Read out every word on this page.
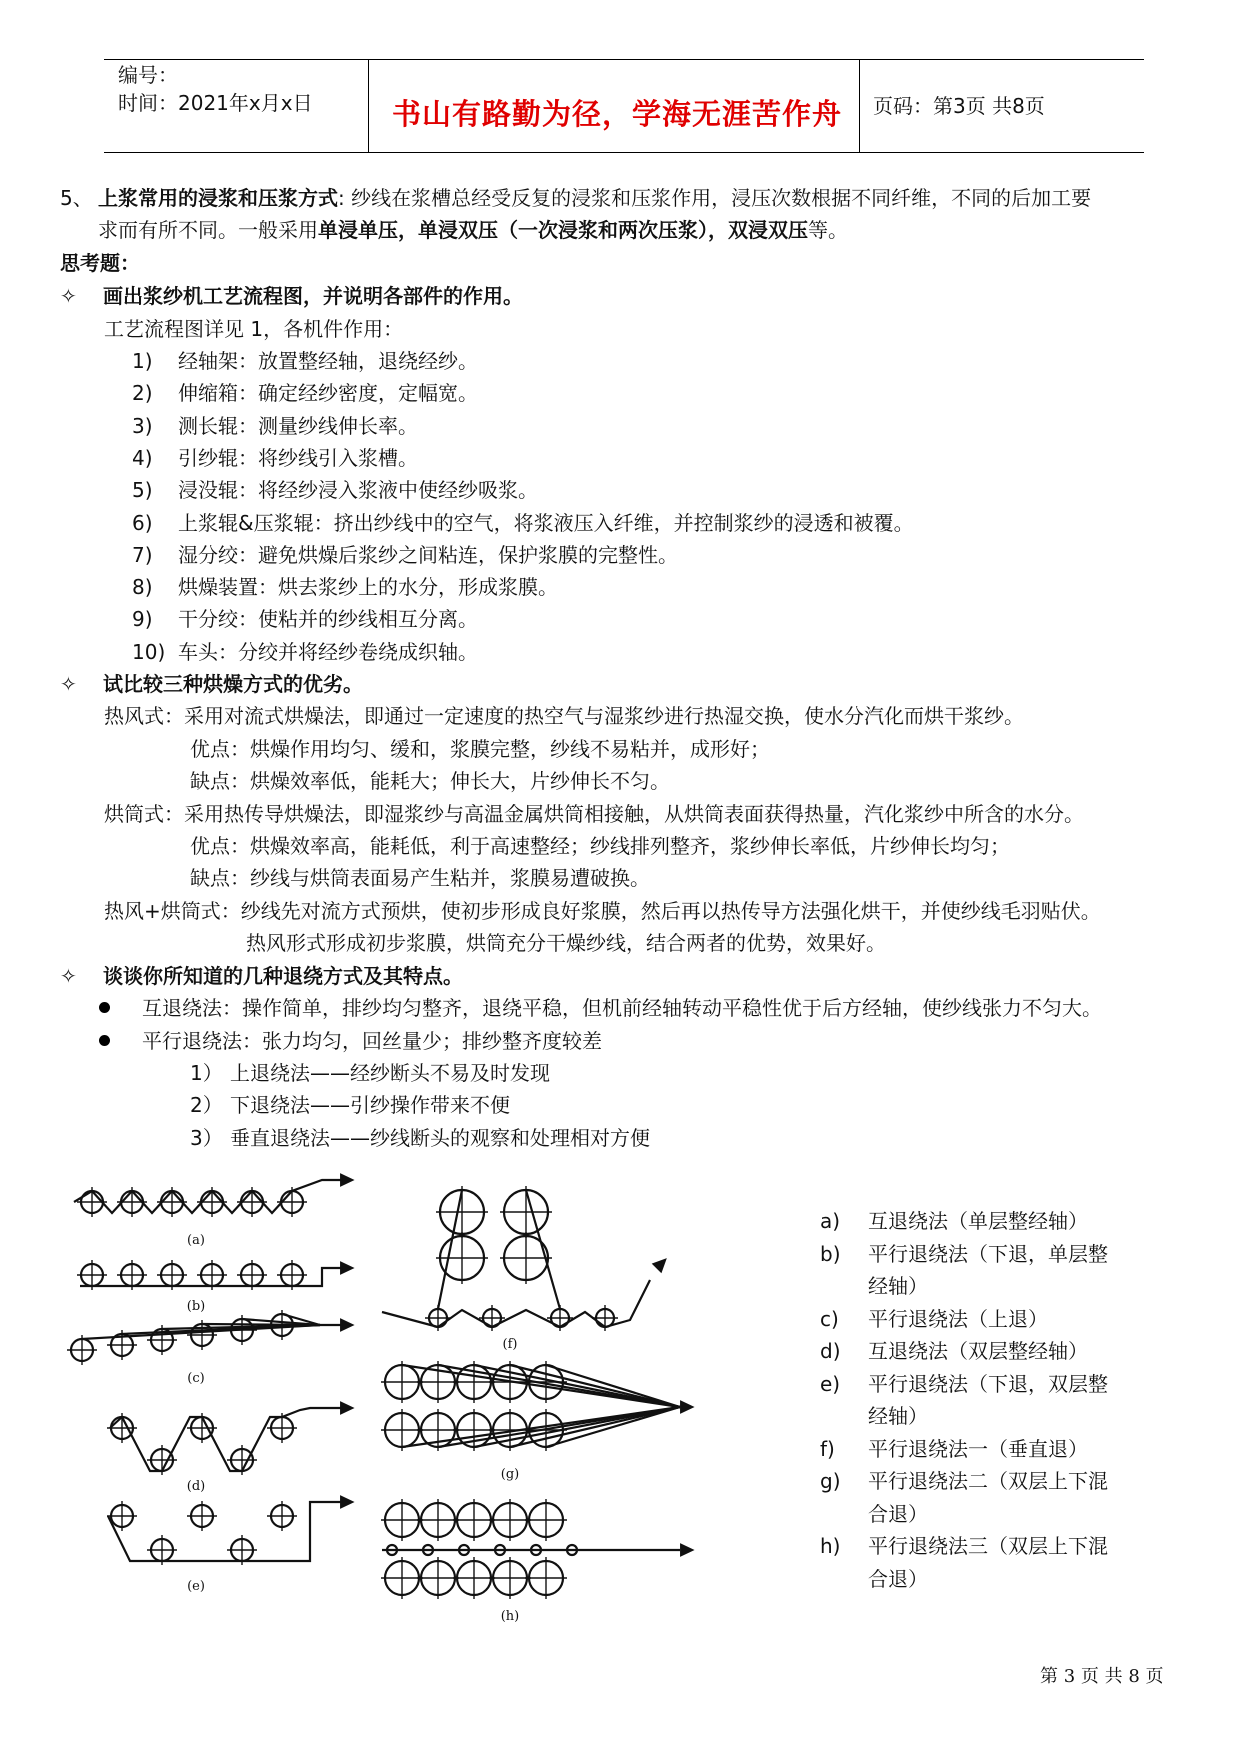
编号：
时间：2021年x月x日	书山有路勤为径，学海无涯苦作舟 页码：第3页 共8页
5、 上浆常用的浸浆和压浆方式: 纱线在浆槽总经受反复的浸浆和压浆作用，浸压次数根据不同纤维，不同的后加工要
求而有所不同。一般采用单浸单压，单浸双压（一次浸浆和两次压浆），双浸双压等。
思考题：
✧ 画出浆纱机工艺流程图，并说明各部件的作用。
工艺流程图详见 1，各机件作用：
1) 经轴架：放置整经轴，退绕经纱。
2) 伸缩箱：确定经纱密度，定幅宽。
3) 测长辊：测量纱线伸长率。
4) 引纱辊：将纱线引入浆槽。
5) 浸没辊：将经纱浸入浆液中使经纱吸浆。
6) 上浆辊&压浆辊：挤出纱线中的空气，将浆液压入纤维，并控制浆纱的浸透和被覆。
7) 湿分绞：避免烘燥后浆纱之间粘连，保护浆膜的完整性。
8) 烘燥装置：烘去浆纱上的水分，形成浆膜。
9) 干分绞：使粘并的纱线相互分离。
10) 车头：分绞并将经纱卷绕成织轴。
✧ 试比较三种烘燥方式的优劣。
热风式：采用对流式烘燥法，即通过一定速度的热空气与湿浆纱进行热湿交换，使水分汽化而烘干浆纱。
优点：烘燥作用均匀、缓和，浆膜完整，纱线不易粘并，成形好；
缺点：烘燥效率低，能耗大；伸长大，片纱伸长不匀。
烘筒式：采用热传导烘燥法，即湿浆纱与高温金属烘筒相接触，从烘筒表面获得热量，汽化浆纱中所含的水分。
优点：烘燥效率高，能耗低，利于高速整经；纱线排列整齐，浆纱伸长率低，片纱伸长均匀；
缺点：纱线与烘筒表面易产生粘并，浆膜易遭破换。
热风+烘筒式：纱线先对流方式预烘，使初步形成良好浆膜，然后再以热传导方法强化烘干，并使纱线毛羽贴伏。
热风形式形成初步浆膜，烘筒充分干燥纱线，结合两者的优势，效果好。
✧ 谈谈你所知道的几种退绕方式及其特点。
互退绕法：操作简单，排纱均匀整齐，退绕平稳，但机前经轴转动平稳性优于后方经轴，使纱线张力不匀大。
平行退绕法：张力均匀，回丝量少；排纱整齐度较差
1） 上退绕法——经纱断头不易及时发现
2） 下退绕法——引纱操作带来不便
3） 垂直退绕法——纱线断头的观察和处理相对方便
(a)
(b)
(c)
(d)
(e)
(f)
(g)
(h)
a) 互退绕法（单层整经轴）
b) 平行退绕法（下退，单层整
经轴）
c) 平行退绕法（上退）
d) 互退绕法（双层整经轴）
e) 平行退绕法（下退，双层整
经轴）
f) 平行退绕法一（垂直退）
g) 平行退绕法二（双层上下混
合退）
h) 平行退绕法三（双层上下混
合退）
第 3 页 共 8 页
